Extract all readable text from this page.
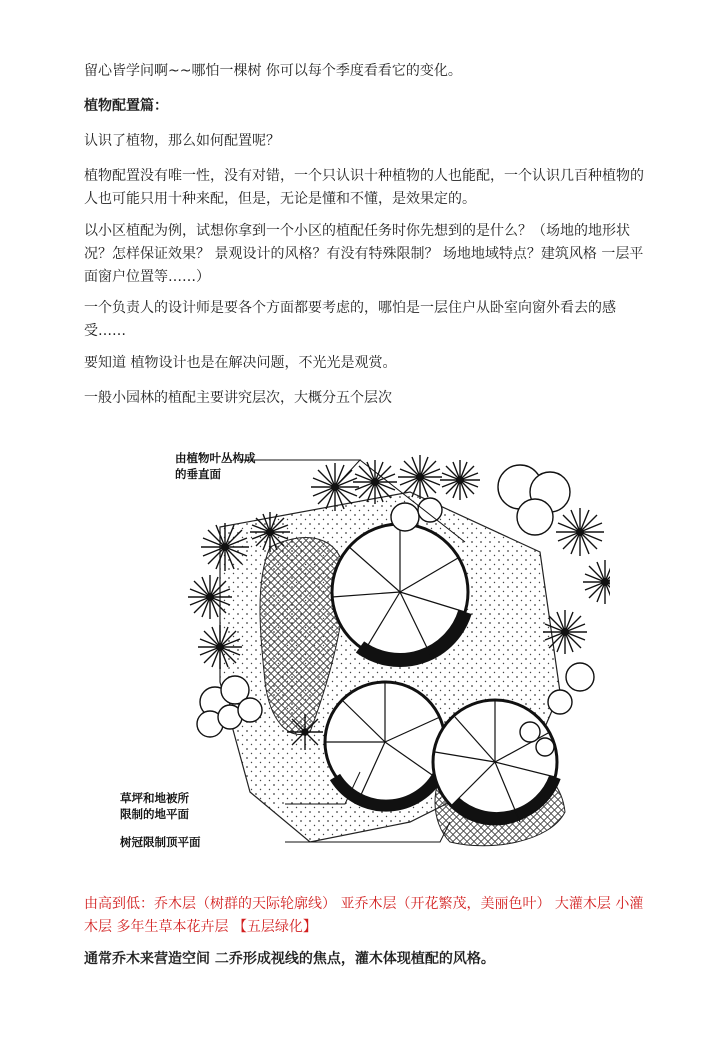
留心皆学问啊~~哪怕一棵树 你可以每个季度看看它的变化。

植物配置篇：

认识了植物，那么如何配置呢？

植物配置没有唯一性，没有对错，一个只认识十种植物的人也能配，一个认识几百种植物的人也可能只用十种来配，但是，无论是懂和不懂，是效果定的。

以小区植配为例，试想你拿到一个小区的植配任务时你先想到的是什么？（场地的地形状况？怎样保证效果？ 景观设计的风格？有没有特殊限制？ 场地地域特点？建筑风格 一层平面窗户位置等……）

一个负责人的设计师是要各个方面都要考虑的，哪怕是一层住户从卧室向窗外看去的感受……

要知道 植物设计也是在解决问题，不光光是观赏。

一般小园林的植配主要讲究层次，大概分五个层次

由植物叶丛构成
的垂直面
草坪和地被所
限制的地平面
树冠限制顶平面

由高到低：乔木层（树群的天际轮廓线） 亚乔木层（开花繁茂，美丽色叶） 大灌木层 小灌木层 多年生草本花卉层 【五层绿化】

通常乔木来营造空间 二乔形成视线的焦点，灌木体现植配的风格。
